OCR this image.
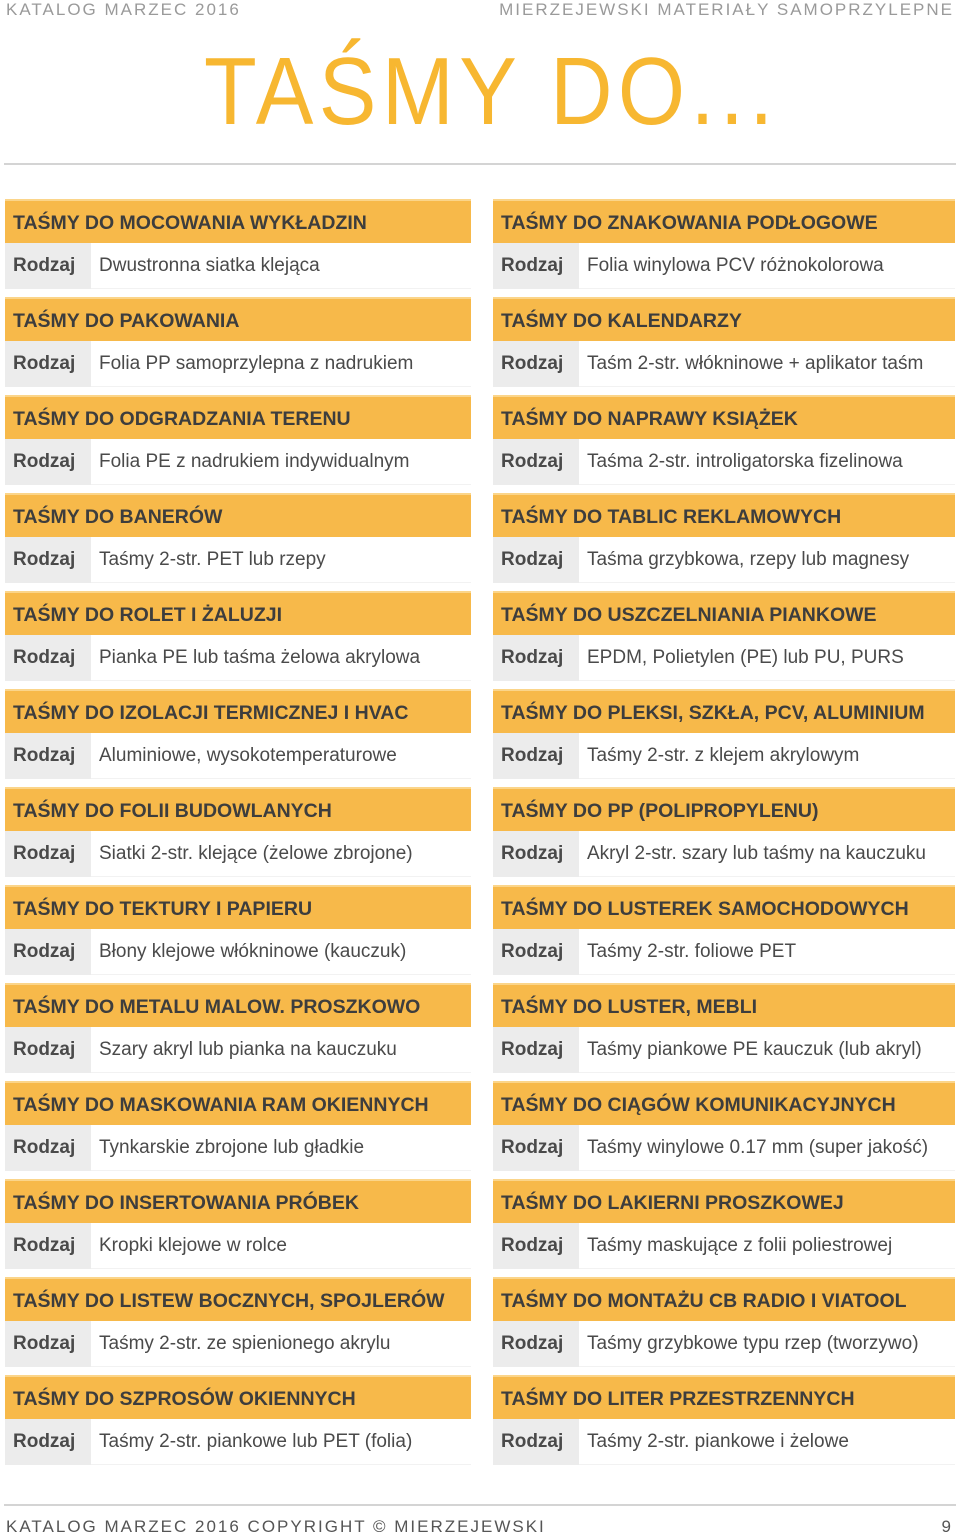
KATALOG MARZEC 2016	MIERZEJEWSKI MATERIAŁY SAMOPRZYLEPNE
TAŚMY DO...
TAŚMY DO MOCOWANIA WYKŁADZIN
Rodzaj	Dwustronna siatka klejąca
TAŚMY DO PAKOWANIA
Rodzaj	Folia PP samoprzylepna z nadrukiem
TAŚMY DO ODGRADZANIA TERENU
Rodzaj	Folia PE z nadrukiem indywidualnym
TAŚMY DO BANERÓW
Rodzaj	Taśmy 2-str. PET lub rzepy
TAŚMY DO ROLET I ŻALUZJI
Rodzaj	Pianka PE lub taśma żelowa akrylowa
TAŚMY DO IZOLACJI TERMICZNEJ I HVAC
Rodzaj	Aluminiowe, wysokotemperaturowe
TAŚMY DO FOLII BUDOWLANYCH
Rodzaj	Siatki 2-str. klejące (żelowe zbrojone)
TAŚMY DO TEKTURY I PAPIERU
Rodzaj	Błony klejowe włókninowe (kauczuk)
TAŚMY DO METALU MALOW. PROSZKOWO
Rodzaj	Szary akryl lub pianka na kauczuku
TAŚMY DO MASKOWANIA RAM OKIENNYCH
Rodzaj	Tynkarskie zbrojone lub gładkie
TAŚMY DO INSERTOWANIA PRÓBEK
Rodzaj	Kropki klejowe w rolce
TAŚMY DO LISTEW BOCZNYCH, SPOJLERÓW
Rodzaj	Taśmy 2-str. ze spienionego akrylu
TAŚMY DO SZPROSÓW OKIENNYCH
Rodzaj	Taśmy 2-str. piankowe lub PET (folia)
TAŚMY DO ZNAKOWANIA PODŁOGOWE
Rodzaj	Folia winylowa PCV różnokolorowa
TAŚMY DO KALENDARZY
Rodzaj	Taśm 2-str. włókninowe + aplikator taśm
TAŚMY DO NAPRAWY KSIĄŻEK
Rodzaj	Taśma 2-str. introligatorska fizelinowa
TAŚMY DO TABLIC REKLAMOWYCH
Rodzaj	Taśma grzybkowa, rzepy lub magnesy
TAŚMY DO USZCZELNIANIA PIANKOWE
Rodzaj	EPDM, Polietylen (PE) lub PU, PURS
TAŚMY DO PLEKSI, SZKŁA, PCV, ALUMINIUM
Rodzaj	Taśmy 2-str. z klejem akrylowym
TAŚMY DO PP (POLIPROPYLENU)
Rodzaj	Akryl 2-str. szary lub taśmy na kauczuku
TAŚMY DO LUSTEREK SAMOCHODOWYCH
Rodzaj	Taśmy 2-str. foliowe PET
TAŚMY DO LUSTER, MEBLI
Rodzaj	Taśmy piankowe PE kauczuk (lub akryl)
TAŚMY DO CIĄGÓW KOMUNIKACYJNYCH
Rodzaj	Taśmy winylowe 0.17 mm (super jakość)
TAŚMY DO LAKIERNI PROSZKOWEJ
Rodzaj	Taśmy maskujące z folii poliestrowej
TAŚMY DO MONTAŻU CB RADIO I VIATOOL
Rodzaj	Taśmy grzybkowe typu rzep (tworzywo)
TAŚMY DO LITER PRZESTRZENNYCH
Rodzaj	Taśmy 2-str. piankowe i żelowe
KATALOG MARZEC 2016 COPYRIGHT © MIERZEJEWSKI	9
